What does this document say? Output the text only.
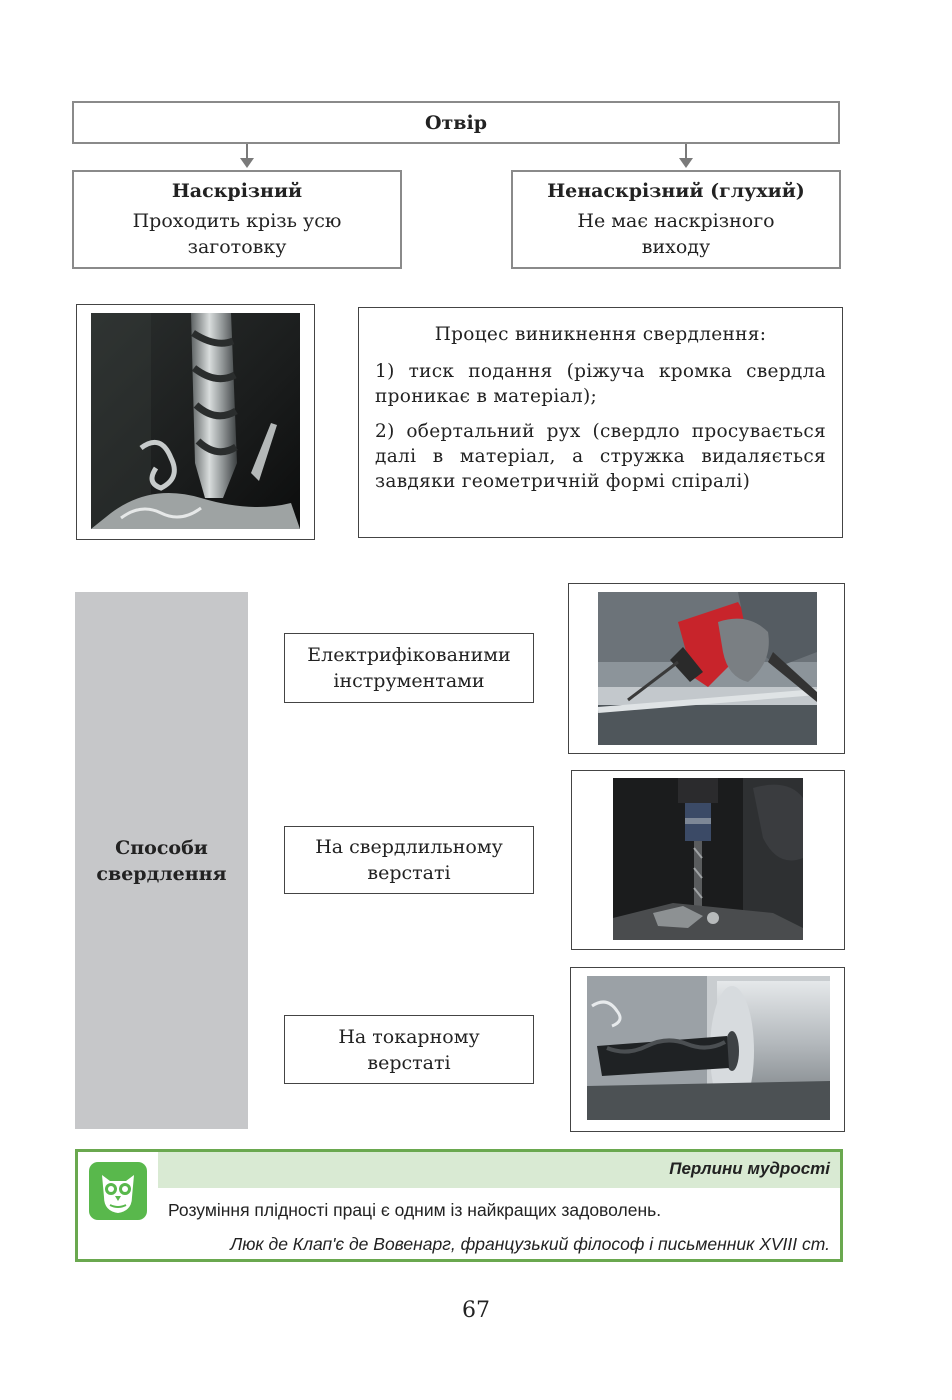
Отвір
Наскрізний
Проходить крізь усю
заготовку
Ненаскрізний (глухий)
Не має наскрізного
виходу

Процес виникнення свердлення:

1) тиск подання (ріжуча кромка свердла проникає в матеріал);

2) обертальний рух (свердло просувається далі в матеріал, а стружка видаляється завдяки геометричній формі спіралі)

Способи
свердлення
Електрифікованими
інструментами
На свердлильному
верстаті
На токарному
верстаті
Перлини мудрості
Розуміння плідності праці є одним із найкращих задоволень.
Люк де Клап'є де Вовенарг, французький філософ і письменник XVIII ст.
67
